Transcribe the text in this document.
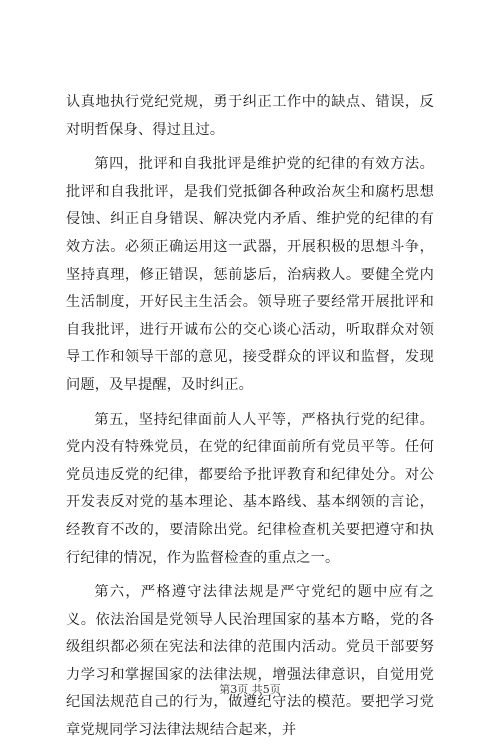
认真地执行党纪党规，勇于纠正工作中的缺点、错误，反对明哲保身、得过且过。

第四，批评和自我批评是维护党的纪律的有效方法。批评和自我批评，是我们党抵御各种政治灰尘和腐朽思想侵蚀、纠正自身错误、解决党内矛盾、维护党的纪律的有效方法。必须正确运用这一武器，开展积极的思想斗争，坚持真理，修正错误，惩前毖后，治病救人。要健全党内生活制度，开好民主生活会。领导班子要经常开展批评和自我批评，进行开诚布公的交心谈心活动，听取群众对领导工作和领导干部的意见，接受群众的评议和监督，发现问题，及早提醒，及时纠正。

第五，坚持纪律面前人人平等，严格执行党的纪律。党内没有特殊党员，在党的纪律面前所有党员平等。任何党员违反党的纪律，都要给予批评教育和纪律处分。对公开发表反对党的基本理论、基本路线、基本纲领的言论，经教育不改的，要清除出党。纪律检查机关要把遵守和执行纪律的情况，作为监督检查的重点之一。

第六，严格遵守法律法规是严守党纪的题中应有之义。依法治国是党领导人民治理国家的基本方略，党的各级组织都必须在宪法和法律的范围内活动。党员干部要努力学习和掌握国家的法律法规，增强法律意识，自觉用党纪国法规范自己的行为，做遵纪守法的模范。要把学习党章党规同学习法律法规结合起来，并

第3页 共5页
